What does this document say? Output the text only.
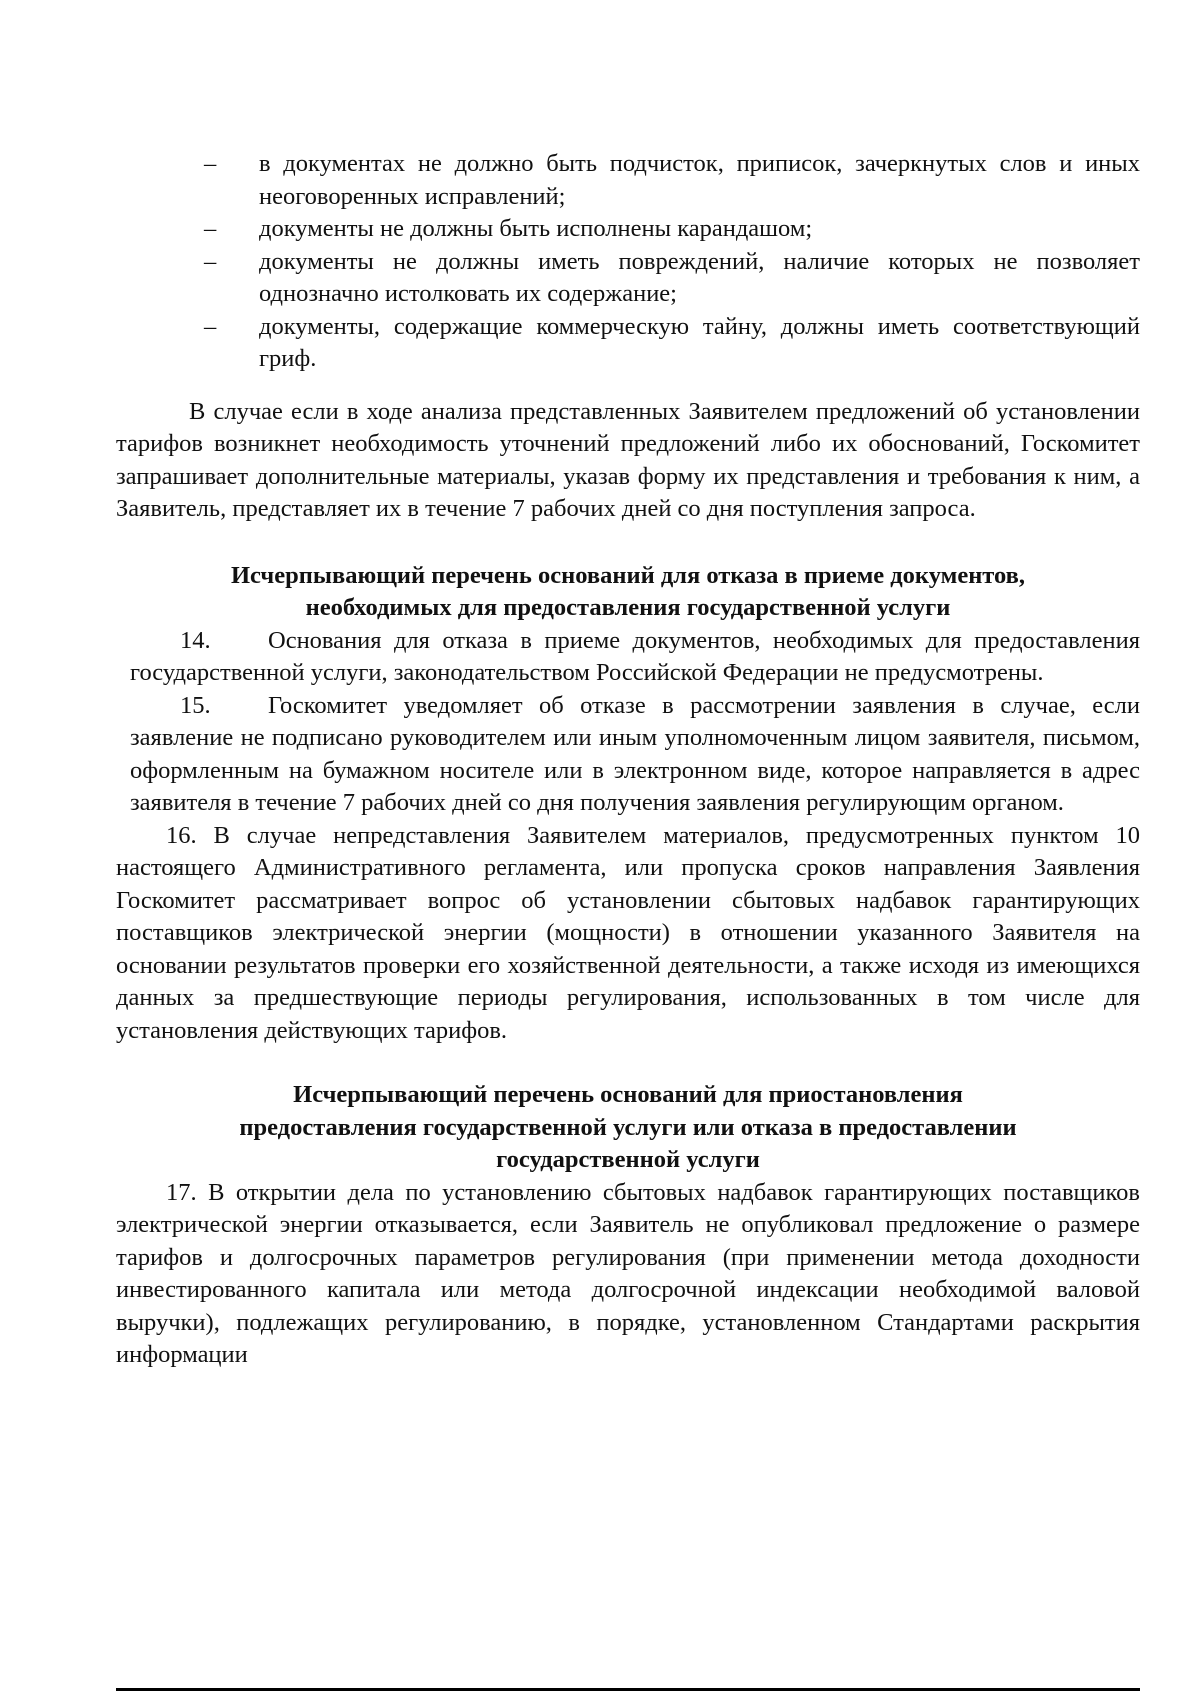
– в документах не должно быть подчисток, приписок, зачеркнутых слов и иных неоговоренных исправлений;
– документы не должны быть исполнены карандашом;
– документы не должны иметь повреждений, наличие которых не позволяет однозначно истолковать их содержание;
– документы, содержащие коммерческую тайну, должны иметь соответствующий гриф.

В случае если в ходе анализа представленных Заявителем предложений об установлении тарифов возникнет необходимость уточнений предложений либо их обоснований, Госкомитет запрашивает дополнительные материалы, указав форму их представления и требования к ним, а Заявитель, представляет их в течение 7 рабочих дней со дня поступления запроса.

Исчерпывающий перечень оснований для отказа в приеме документов,
необходимых для предоставления государственной услуги

14. Основания для отказа в приеме документов, необходимых для предоставления государственной услуги, законодательством Российской Федерации не предусмотрены.

15. Госкомитет уведомляет об отказе в рассмотрении заявления в случае, если заявление не подписано руководителем или иным уполномоченным лицом заявителя, письмом, оформленным на бумажном носителе или в электронном виде, которое направляется в адрес заявителя в течение 7 рабочих дней со дня получения заявления регулирующим органом.

16. В случае непредставления Заявителем материалов, предусмотренных пунктом 10 настоящего Административного регламента, или пропуска сроков направления Заявления Госкомитет рассматривает вопрос об установлении сбытовых надбавок гарантирующих поставщиков электрической энергии (мощности) в отношении указанного Заявителя на основании результатов проверки его хозяйственной деятельности, а также исходя из имеющихся данных за предшествующие периоды регулирования, использованных в том числе для установления действующих тарифов.

Исчерпывающий перечень оснований для приостановления
предоставления государственной услуги или отказа в предоставлении
государственной услуги

17. В открытии дела по установлению сбытовых надбавок гарантирующих поставщиков электрической энергии отказывается, если Заявитель не опубликовал предложение о размере тарифов и долгосрочных параметров регулирования (при применении метода доходности инвестированного капитала или метода долгосрочной индексации необходимой валовой выручки), подлежащих регулированию, в порядке, установленном Стандартами раскрытия информации
